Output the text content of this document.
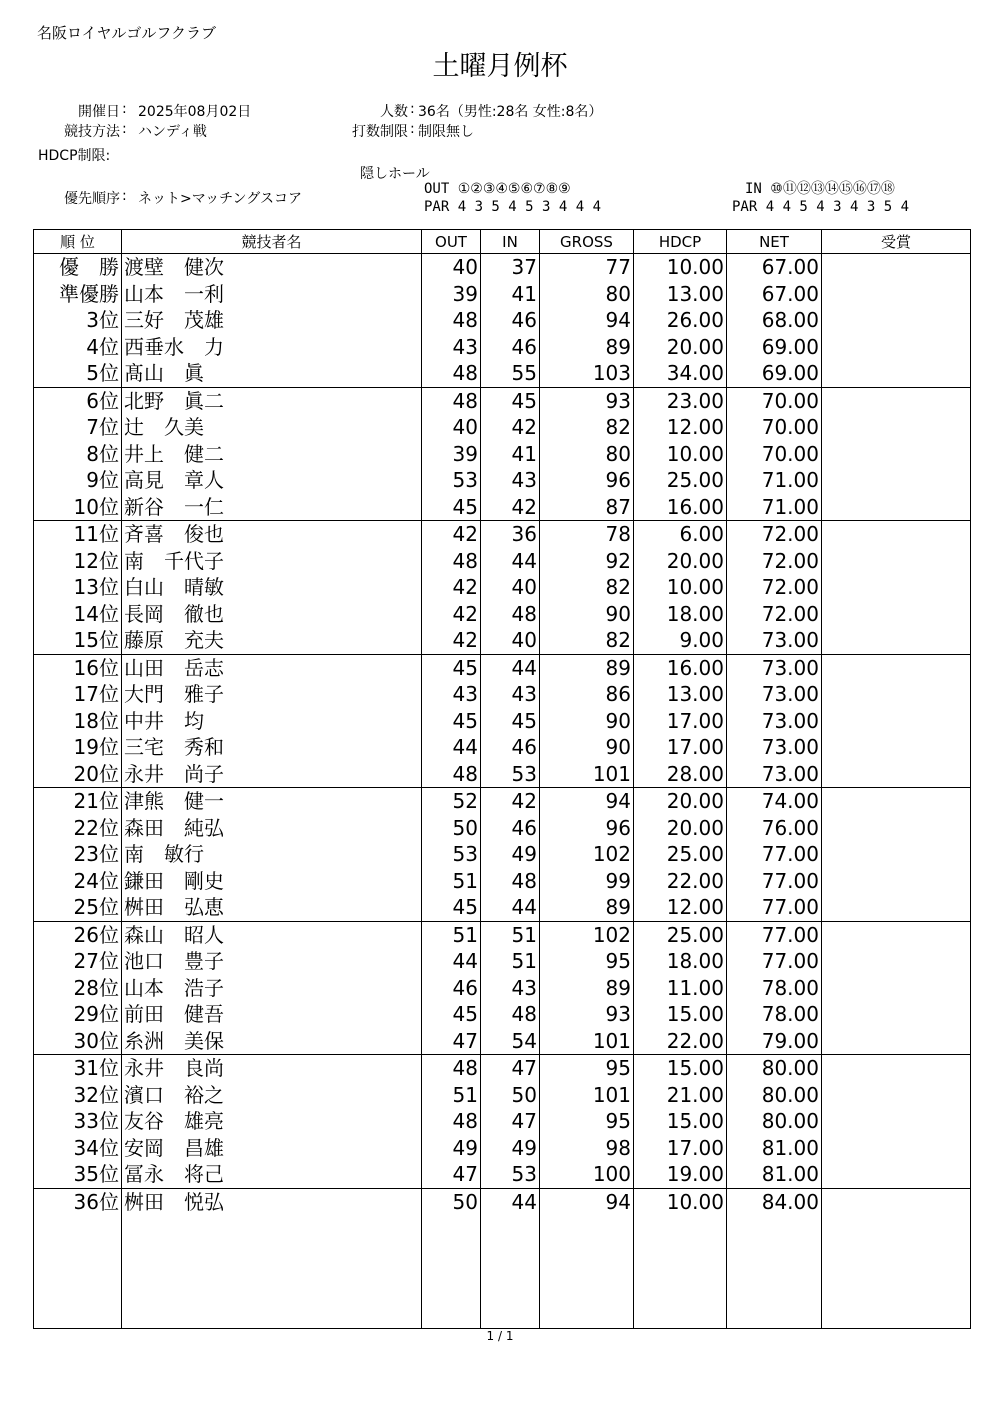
名阪ロイヤルゴルフクラブ
土曜月例杯
開催日 : 2025年08月02日
競技方法 : ハンディ戦
HDCP制限:
人数 : 36名（男性:28名 女性:8名）
打数制限 : 制限無し
隠しホール
優先順序 : ネット>マッチングスコア
OUT ①②③④⑤⑥⑦⑧⑨
PAR 4 3 5 4 5 3 4 4 4
IN ⑩⑪⑫⑬⑭⑮⑯⑰⑱
PAR 4 4 5 4 3 4 3 5 4
順 位	競技者名	OUT	IN	GROSS	HDCP	NET	受賞
優　勝	渡壁　健次	40	37	77	10.00	67.00	
準優勝	山本　一利	39	41	80	13.00	67.00	
3位	三好　茂雄	48	46	94	26.00	68.00	
4位	西垂水　力	43	46	89	20.00	69.00	
5位	髙山　眞	48	55	103	34.00	69.00	
6位	北野　眞二	48	45	93	23.00	70.00	
7位	辻　久美	40	42	82	12.00	70.00	
8位	井上　健二	39	41	80	10.00	70.00	
9位	高見　章人	53	43	96	25.00	71.00	
10位	新谷　一仁	45	42	87	16.00	71.00	
11位	斉喜　俊也	42	36	78	6.00	72.00	
12位	南　千代子	48	44	92	20.00	72.00	
13位	白山　晴敏	42	40	82	10.00	72.00	
14位	長岡　徹也	42	48	90	18.00	72.00	
15位	藤原　充夫	42	40	82	9.00	73.00	
16位	山田　岳志	45	44	89	16.00	73.00	
17位	大門　雅子	43	43	86	13.00	73.00	
18位	中井　均	45	45	90	17.00	73.00	
19位	三宅　秀和	44	46	90	17.00	73.00	
20位	永井　尚子	48	53	101	28.00	73.00	
21位	津熊　健一	52	42	94	20.00	74.00	
22位	森田　純弘	50	46	96	20.00	76.00	
23位	南　敏行	53	49	102	25.00	77.00	
24位	鎌田　剛史	51	48	99	22.00	77.00	
25位	桝田　弘恵	45	44	89	12.00	77.00	
26位	森山　昭人	51	51	102	25.00	77.00	
27位	池口　豊子	44	51	95	18.00	77.00	
28位	山本　浩子	46	43	89	11.00	78.00	
29位	前田　健吾	45	48	93	15.00	78.00	
30位	糸洲　美保	47	54	101	22.00	79.00	
31位	永井　良尚	48	47	95	15.00	80.00	
32位	濱口　裕之	51	50	101	21.00	80.00	
33位	友谷　雄亮	48	47	95	15.00	80.00	
34位	安岡　昌雄	49	49	98	17.00	81.00	
35位	冨永　将己	47	53	100	19.00	81.00	
36位	桝田　悦弘	50	44	94	10.00	84.00	

1 / 1
